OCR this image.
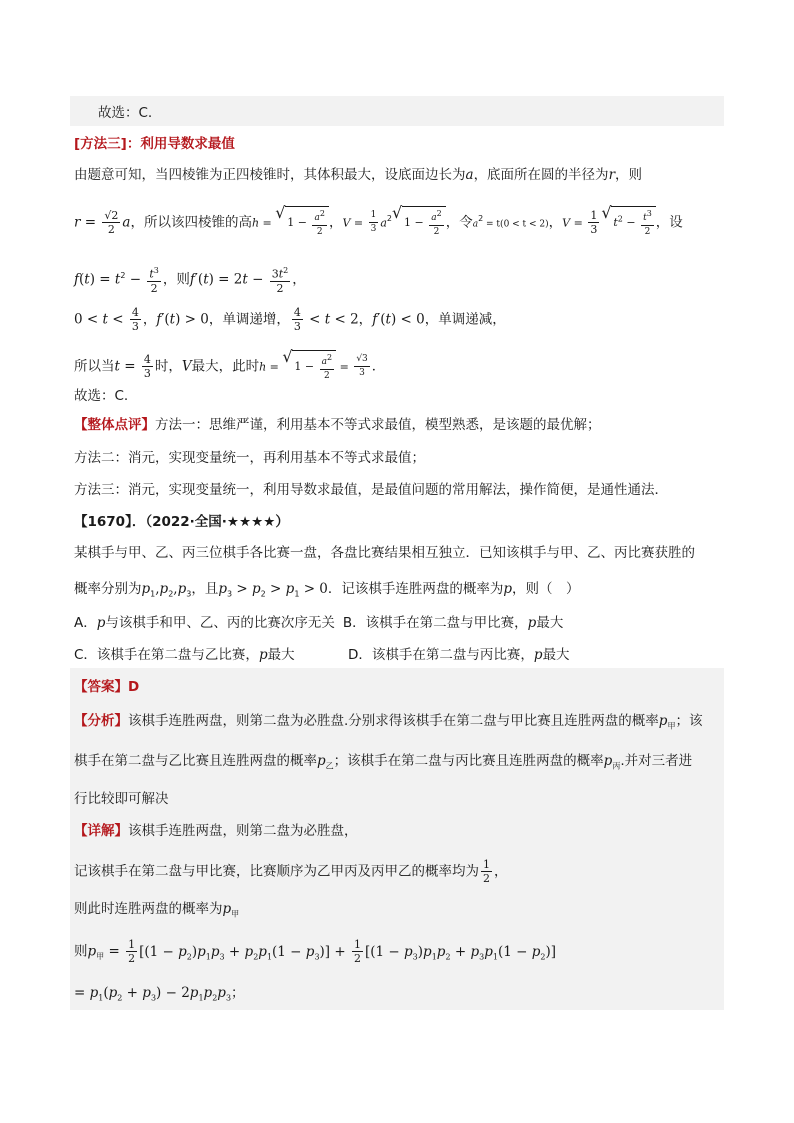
故选：C.
[方法三]：利用导数求最值
由题意可知，当四棱锥为正四棱锥时，其体积最大，设底面边长为a，底面所在圆的半径为r，则
$r = \frac{√2}{2}$ a，所以该四棱锥的高h = √ $1 - \frac{a^2}{2}$ ，$V = \frac{1}{3} a^2√$ $1 - \frac{a^2}{2}$ ，令$a^2 = t(0 < t < 2)$，$V = \frac{1}{3}$
√ $t^2 - \frac{t^3}{2}$ ，设
$f(t) = t^2 - \frac{t^3}{2}$ ，则$f'(t) = 2t - \frac{3t^2}{2}$ ，
$0 < t < \frac{4}{3}$ ，f′(t) > 0，单调递增， $\frac{4}{3} < t < 2$，f′(t) < 0，单调递减，
所以当$t = \frac{4}{3}$ 时，V最大，此时h = √ $1 - \frac{a^2}{2} = \frac{√3}{3}$ ．
故选：C.
【整体点评】方法一：思维严谨，利用基本不等式求最值，模型熟悉，是该题的最优解；
方法二：消元，实现变量统一，再利用基本不等式求最值；
方法三：消元，实现变量统一，利用导数求最值，是最值问题的常用解法，操作简便，是通性通法．
【1670】．（2022·全国·★★★★）
某棋手与甲、乙、丙三位棋手各比赛一盘，各盘比赛结果相互独立．已知该棋手与甲、乙、丙比赛获胜的
概率分别为$p_1,p_2,p_3$，且$p_3 > p_2 > p_1 > 0$．记该棋手连胜两盘的概率为p，则（　）
A．p与该棋手和甲、乙、丙的比赛次序无关 B．该棋手在第二盘与甲比赛，p最大
C．该棋手在第二盘与乙比赛，p最大	D．该棋手在第二盘与丙比赛，p最大
【答案】D
【分析】该棋手连胜两盘，则第二盘为必胜盘.分别求得该棋手在第二盘与甲比赛且连胜两盘的概率$p_甲$；该
棋手在第二盘与乙比赛且连胜两盘的概率$p_乙$；该棋手在第二盘与丙比赛且连胜两盘的概率$p_丙$.并对三者进
行比较即可解决
【详解】该棋手连胜两盘，则第二盘为必胜盘，
记该棋手在第二盘与甲比赛，比赛顺序为乙甲丙及丙甲乙的概率均为 $\frac{1}{2}$ ，
则此时连胜两盘的概率为$p_甲$
则$p_甲 = \frac{1}{2} [(1 - p_2)p_1p_3 + p_2p_1(1 - p_3)] + \frac{1}{2} [(1 - p_3)p_1p_2 + p_3p_1(1 - p_2)]$
= $p_1(p_2 + p_3) - 2p_1p_2p_3$；
